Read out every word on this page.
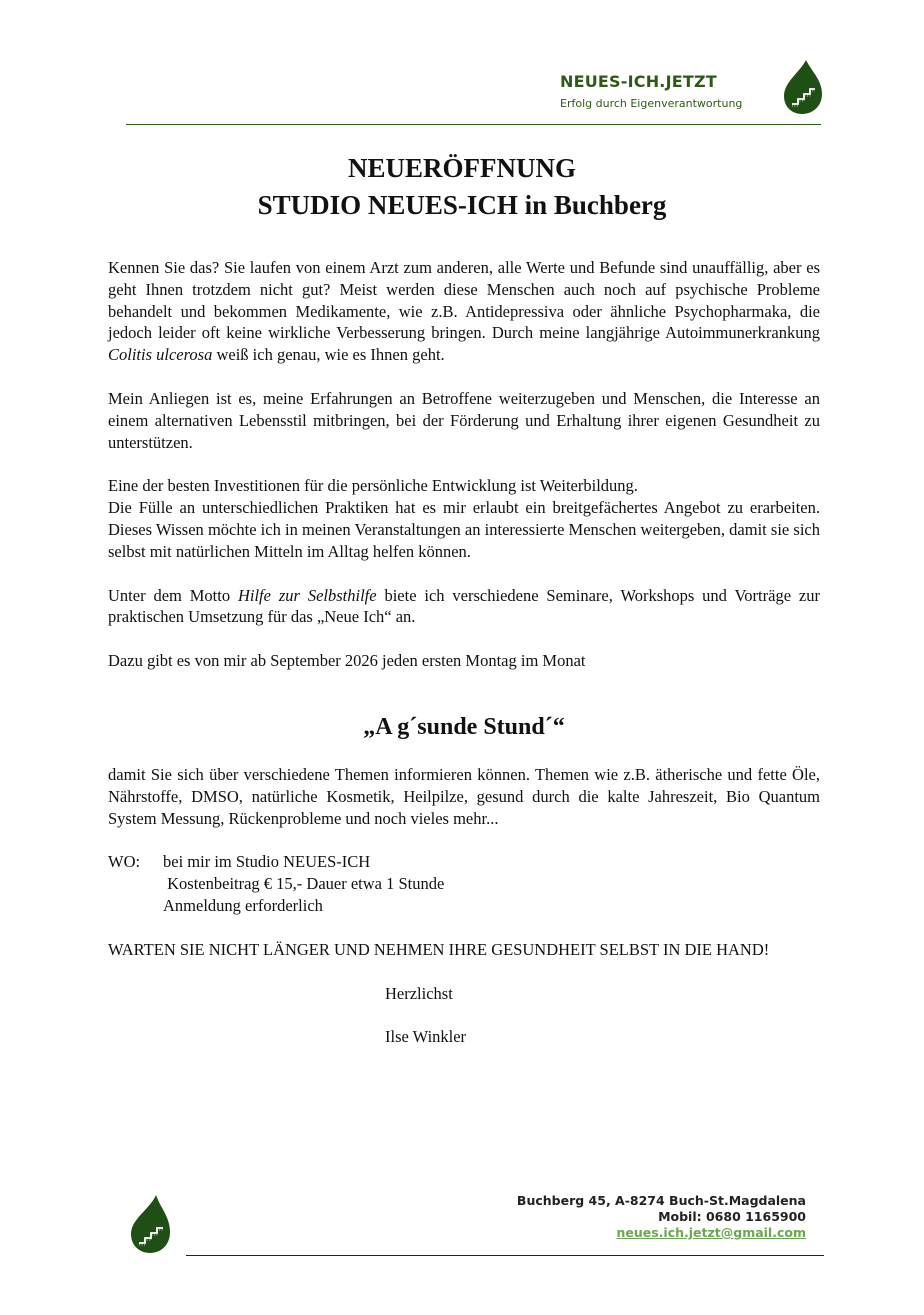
NEUES-ICH.JETZT
Erfolg durch Eigenverantwortung
NEUERÖFFNUNG
STUDIO NEUES-ICH in Buchberg

Kennen Sie das? Sie laufen von einem Arzt zum anderen, alle Werte und Befunde sind unauffällig, aber es geht Ihnen trotzdem nicht gut? Meist werden diese Menschen auch noch auf psychische Probleme behandelt und bekommen Medikamente, wie z.B. Antidepressiva oder ähnliche Psychopharmaka, die jedoch leider oft keine wirkliche Verbesserung bringen. Durch meine langjährige Autoimmunerkrankung Colitis ulcerosa weiß ich genau, wie es Ihnen geht.

Mein Anliegen ist es, meine Erfahrungen an Betroffene weiterzugeben und Menschen, die Interesse an einem alternativen Lebensstil mitbringen, bei der Förderung und Erhaltung ihrer eigenen Gesundheit zu unterstützen.

Eine der besten Investitionen für die persönliche Entwicklung ist Weiterbildung.
Die Fülle an unterschiedlichen Praktiken hat es mir erlaubt ein breitgefächertes Angebot zu erarbeiten. Dieses Wissen möchte ich in meinen Veranstaltungen an interessierte Menschen weitergeben, damit sie sich selbst mit natürlichen Mitteln im Alltag helfen können.

Unter dem Motto Hilfe zur Selbsthilfe biete ich verschiedene Seminare, Workshops und Vorträge zur praktischen Umsetzung für das „Neue Ich“ an.

Dazu gibt es von mir ab September 2026 jeden ersten Montag im Monat

„A g´sunde Stund´“

damit Sie sich über verschiedene Themen informieren können. Themen wie z.B. ätherische und fette Öle, Nährstoffe, DMSO, natürliche Kosmetik, Heilpilze, gesund durch die kalte Jahreszeit, Bio Quantum System Messung, Rückenprobleme und noch vieles mehr...

WO:	bei mir im Studio NEUES-ICH
Kostenbeitrag € 15,- Dauer etwa 1 Stunde
Anmeldung erforderlich
WARTEN SIE NICHT LÄNGER UND NEHMEN IHRE GESUNDHEIT SELBST IN DIE HAND!
Herzlichst
Ilse Winkler
Buchberg 45, A-8274 Buch-St.Magdalena
Mobil: 0680 1165900
neues.ich.jetzt@gmail.com
